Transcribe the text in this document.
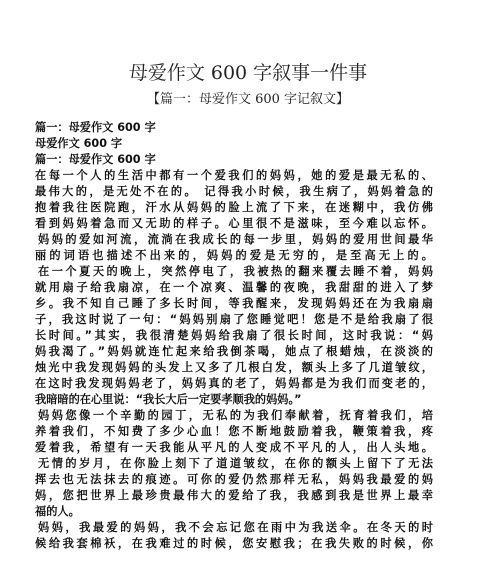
母爱作文 600 字叙事一件事
【篇一：母爱作文 600 字记叙文】
篇一：母爱作文 600 字
母爱作文 600 字
篇一：母爱作文 600 字
在每一个人的生活中都有一个爱我们的妈妈，她的爱是最无私的、
最伟大的，是无处不在的。 记得我小时候，我生病了，妈妈着急的
抱着我往医院跑，汗水从妈妈的脸上流了下来，在迷糊中，我仿佛
看到妈妈着急而又无助的样子。心里很不是滋味，至今难以忘怀。
妈妈的爱如河流，流淌在我成长的每一步里，妈妈的爱用世间最华
丽的词语也描述不出来的，妈妈的爱是无穷的，是至高无上的。
在一个夏天的晚上，突然停电了，我被热的翻来覆去睡不着，妈妈
就用扇子给我扇凉，在一个凉爽、温馨的夜晚，我甜甜的进入了梦
乡。我不知自己睡了多长时间，等我醒来，发现妈妈还在为我扇扇
子，我这时说了一句：“妈妈别扇了您睡觉吧！您是不是给我扇了很
长时间。”其实，我很清楚妈妈给我扇了很长时间，这时我说：“妈
妈我渴了。”妈妈就连忙起来给我倒茶喝，她点了根蜡烛，在淡淡的
烛光中我发现妈妈的头发上又多了几根白发，额头上多了几道皱纹，
在这时我发现妈妈老了，妈妈真的老了，妈妈都是为我们而变老的，
我暗暗的在心里说：“我长大后一定要孝顺我的妈妈。”
妈妈您像一个辛勤的园丁，无私的为我们奉献着，抚育着我们，培
养着我们，不知费了多少心血！您不断地鼓励着我，鞭策着我，疼
爱着我，希望有一天我能从平凡的人变成不平凡的人，出人头地。
无情的岁月，在你脸上刻下了道道皱纹，在你的额头上留下了无法
挥去也无法抹去的痕迹。可你的爱仍然那样无私，妈妈我最爱的妈
妈，您把世界上最珍贵最伟大的爱给了我，我感到我是世界上最幸
福的人。
妈妈，我最爱的妈妈，我不会忘记您在雨中为我送伞。在冬天的时
候给我套棉袄，在我难过的时候，您安慰我；在我失败的时候，你
